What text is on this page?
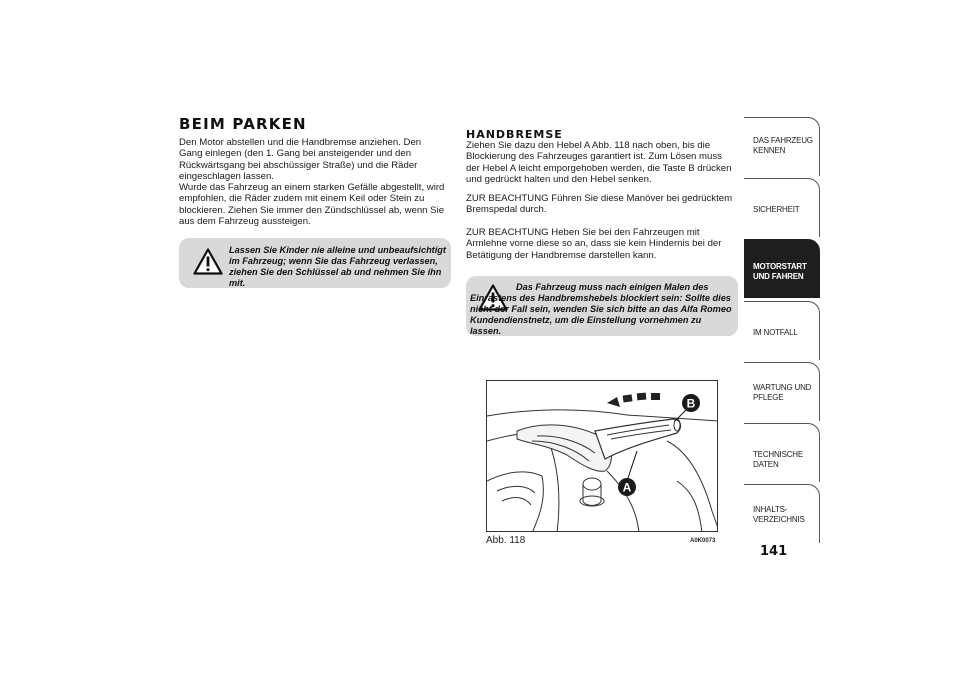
BEIM PARKEN
Den Motor abstellen und die Handbremse anziehen. Den Gang einlegen (den 1. Gang bei ansteigender und den Rückwärtsgang bei abschüssiger Straße) und die Räder eingeschlagen lassen.
Wurde das Fahrzeug an einem starken Gefälle abgestellt, wird empfohlen, die Räder zudem mit einem Keil oder Stein zu blockieren. Ziehen Sie immer den Zündschlüssel ab, wenn Sie aus dem Fahrzeug aussteigen.
Lassen Sie Kinder nie alleine und unbeaufsichtigt im Fahrzeug; wenn Sie das Fahrzeug verlassen, ziehen Sie den Schlüssel ab und nehmen Sie ihn mit.
HANDBREMSE
Ziehen Sie dazu den Hebel A Abb. 118 nach oben, bis die Blockierung des Fahrzeuges garantiert ist. Zum Lösen muss der Hebel A leicht emporgehoben werden, die Taste B drücken und gedrückt halten und den Hebel senken.
ZUR BEACHTUNG Führen Sie diese Manöver bei gedrücktem Bremspedal durch.
ZUR BEACHTUNG Heben Sie bei den Fahrzeugen mit Armlehne vorne diese so an, dass sie kein Hindernis bei der Betätigung der Handbremse darstellen kann.
Das Fahrzeug muss nach einigen Malen des Einrastens des Handbremshebels blockiert sein: Sollte dies nicht der Fall sein, wenden Sie sich bitte an das Alfa Romeo Kundendienstnetz, um die Einstellung vornehmen zu lassen.
A
B
Abb. 118	A0K0073
DAS FAHRZEUG
KENNEN
SICHERHEIT
MOTORSTART
UND FAHREN
IM NOTFALL
WARTUNG UND
PFLEGE
TECHNISCHE DATEN
INHALTS-
VERZEICHNIS
141
